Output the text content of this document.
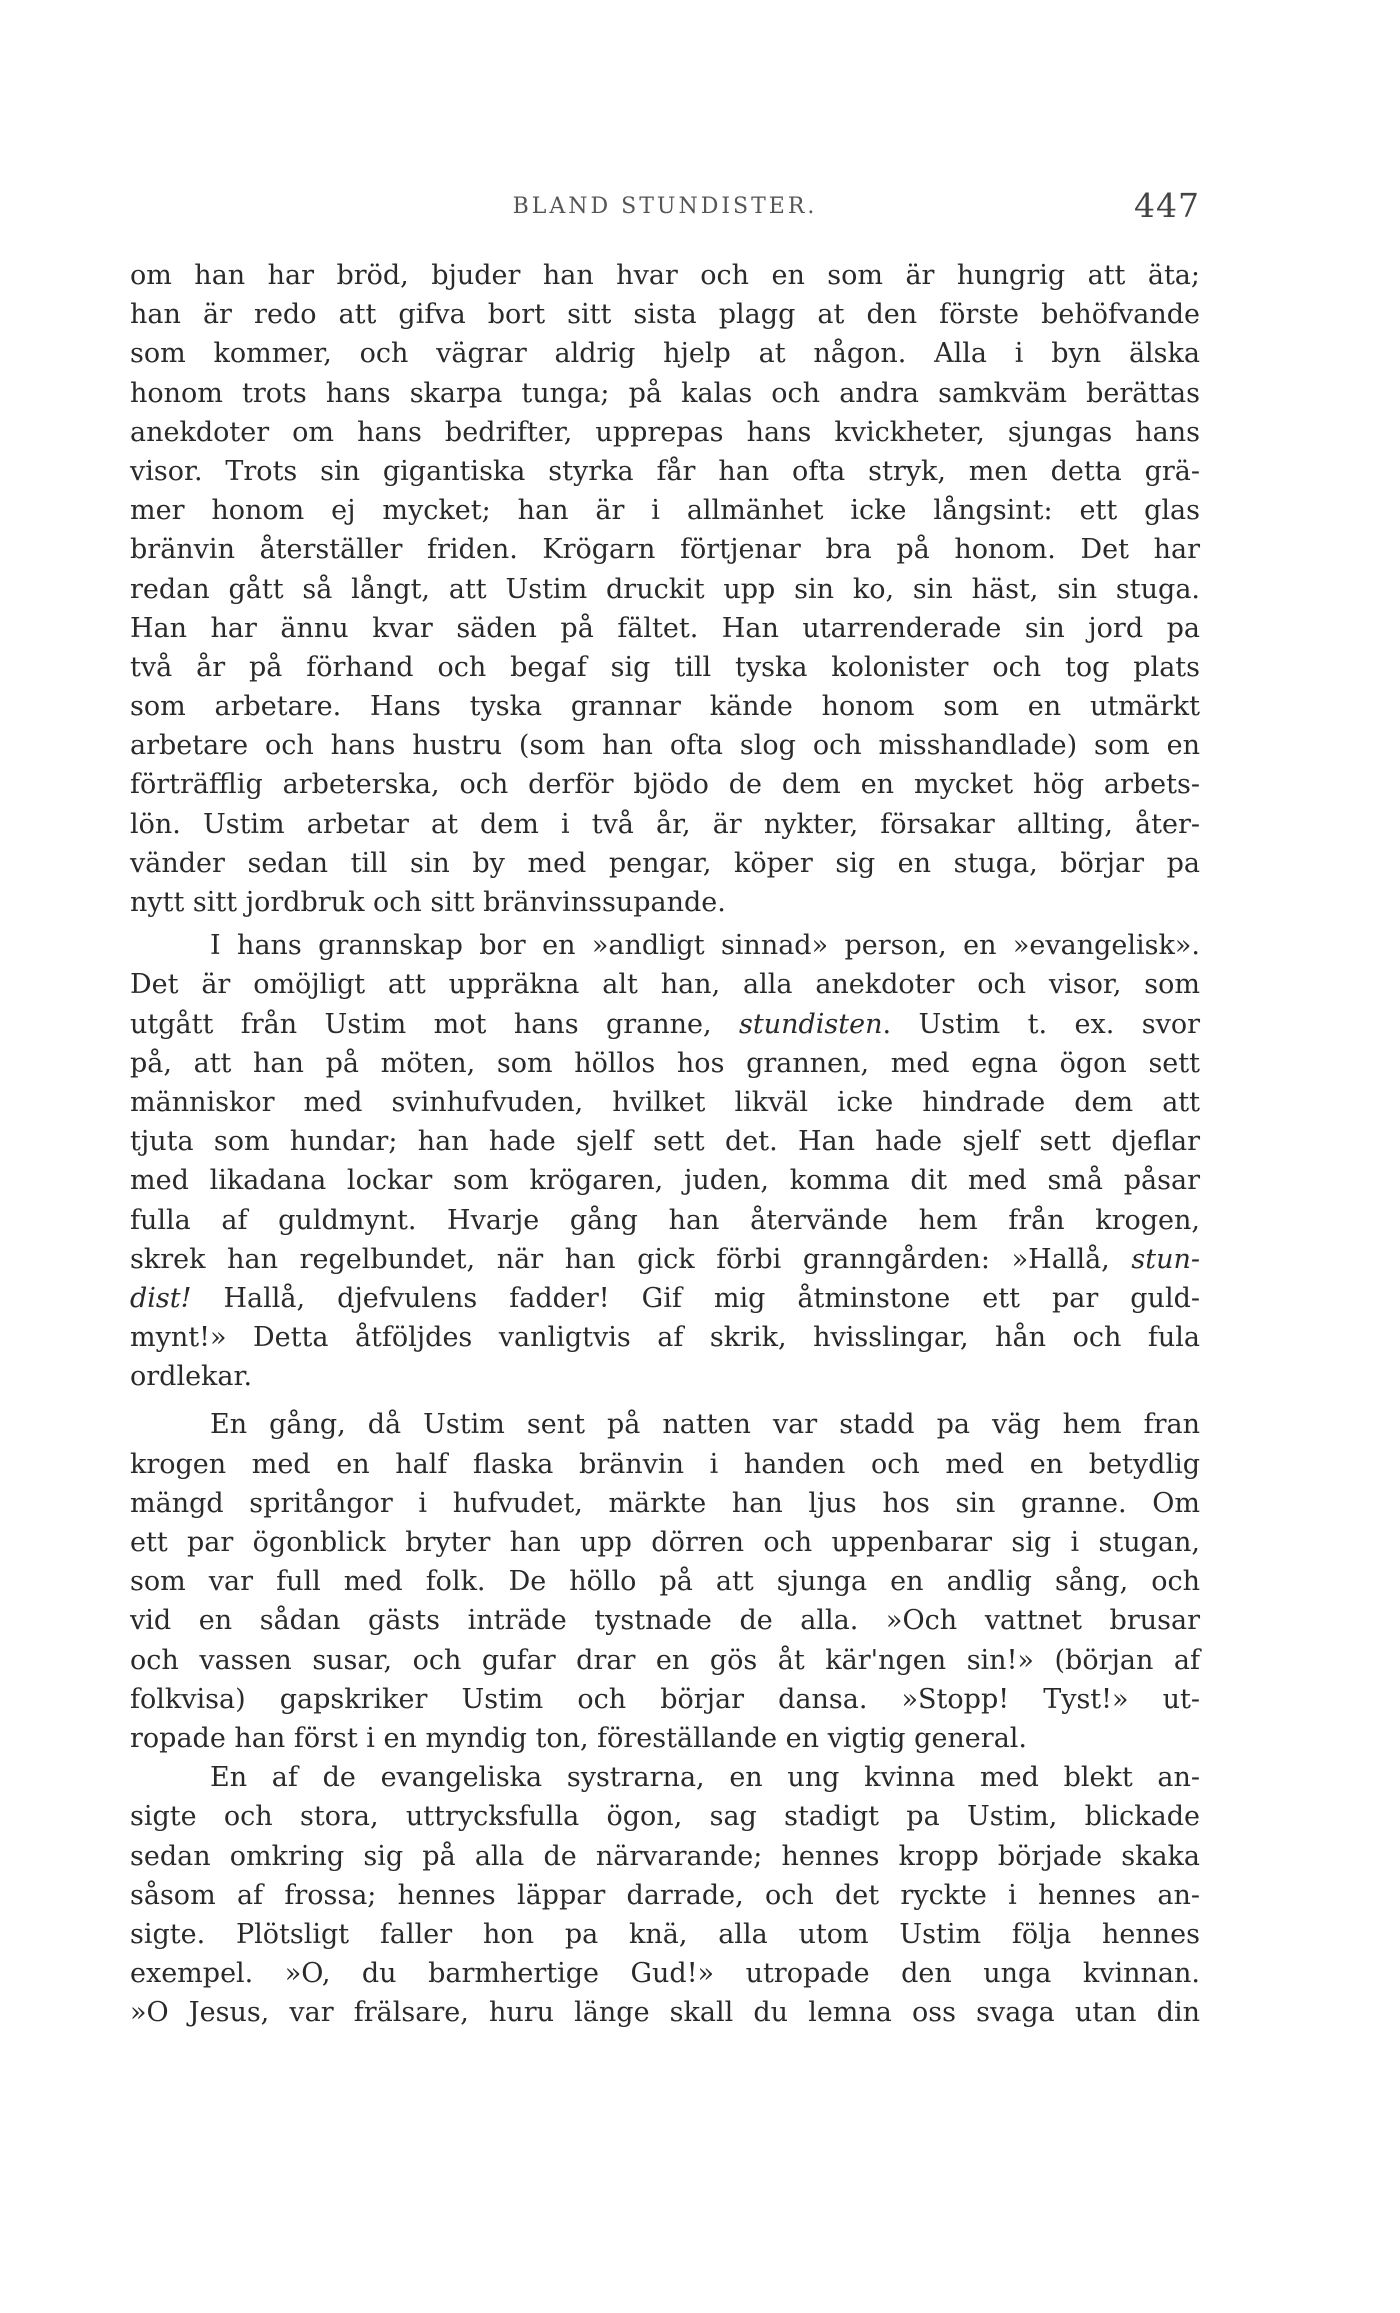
BLAND STUNDISTER.	447
om han har bröd, bjuder han hvar och en som är hungrig att äta;
han är redo att gifva bort sitt sista plagg at den förste behöfvande
som kommer, och vägrar aldrig hjelp at någon. Alla i byn älska
honom trots hans skarpa tunga; på kalas och andra samkväm berättas
anekdoter om hans bedrifter, upprepas hans kvickheter, sjungas hans
visor. Trots sin gigantiska styrka får han ofta stryk, men detta grä-
mer honom ej mycket; han är i allmänhet icke långsint: ett glas
bränvin återställer friden. Krögarn förtjenar bra på honom. Det har
redan gått så långt, att Ustim druckit upp sin ko, sin häst, sin stuga.
Han har ännu kvar säden på fältet. Han utarrenderade sin jord pa
två år på förhand och begaf sig till tyska kolonister och tog plats
som arbetare. Hans tyska grannar kände honom som en utmärkt
arbetare och hans hustru (som han ofta slog och misshandlade) som en
förträfflig arbeterska, och derför bjödo de dem en mycket hög arbets-
lön. Ustim arbetar at dem i två år, är nykter, försakar allting, åter-
vänder sedan till sin by med pengar, köper sig en stuga, börjar pa
nytt sitt jordbruk och sitt bränvinssupande.
I hans grannskap bor en »andligt sinnad» person, en »evangelisk».
Det är omöjligt att uppräkna alt han, alla anekdoter och visor, som
utgått från Ustim mot hans granne, stundisten. Ustim t. ex. svor
på, att han på möten, som höllos hos grannen, med egna ögon sett
människor med svinhufvuden, hvilket likväl icke hindrade dem att
tjuta som hundar; han hade sjelf sett det. Han hade sjelf sett djeflar
med likadana lockar som krögaren, juden, komma dit med små påsar
fulla af guldmynt. Hvarje gång han återvände hem från krogen,
skrek han regelbundet, när han gick förbi granngården: »Hallå, stun-
dist! Hallå, djefvulens fadder! Gif mig åtminstone ett par guld-
mynt!» Detta åtföljdes vanligtvis af skrik, hvisslingar, hån och fula
ordlekar.
En gång, då Ustim sent på natten var stadd pa väg hem fran
krogen med en half flaska bränvin i handen och med en betydlig
mängd spritångor i hufvudet, märkte han ljus hos sin granne. Om
ett par ögonblick bryter han upp dörren och uppenbarar sig i stugan,
som var full med folk. De höllo på att sjunga en andlig sång, och
vid en sådan gästs inträde tystnade de alla. »Och vattnet brusar
och vassen susar, och gufar drar en gös åt kär'ngen sin!» (början af
folkvisa) gapskriker Ustim och börjar dansa. »Stopp! Tyst!» ut-
ropade han först i en myndig ton, föreställande en vigtig general.
En af de evangeliska systrarna, en ung kvinna med blekt an-
sigte och stora, uttrycksfulla ögon, sag stadigt pa Ustim, blickade
sedan omkring sig på alla de närvarande; hennes kropp började skaka
såsom af frossa; hennes läppar darrade, och det ryckte i hennes an-
sigte. Plötsligt faller hon pa knä, alla utom Ustim följa hennes
exempel. »O, du barmhertige Gud!» utropade den unga kvinnan.
»O Jesus, var frälsare, huru länge skall du lemna oss svaga utan din
